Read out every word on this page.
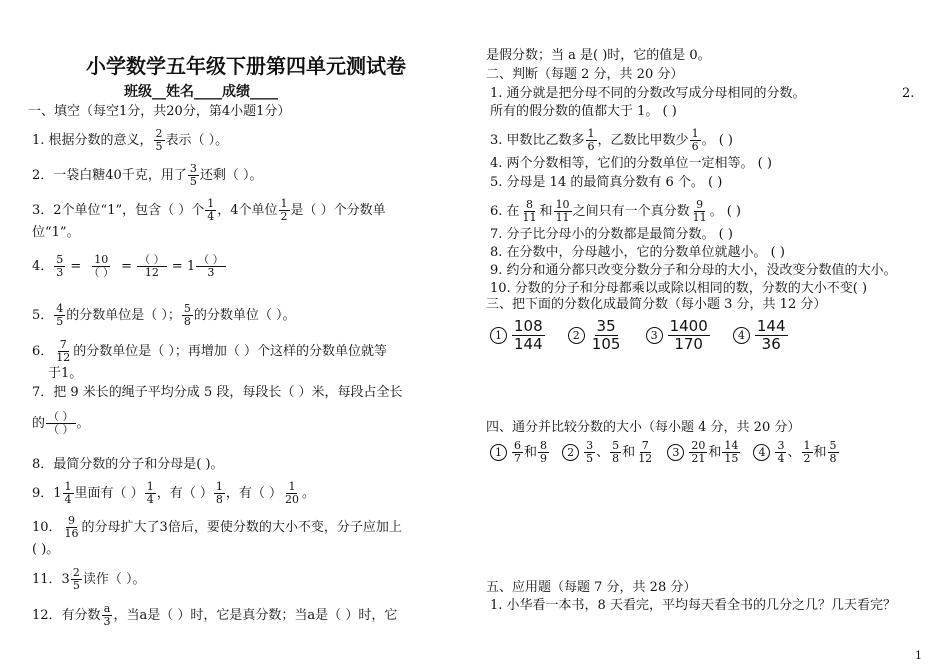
小学数学五年级下册第四单元测试卷
班级__姓名____成绩____
一、填空（每空1分，共20分，第4小题1分）
1. 根据分数的意义， $\frac{2}{5}$ 表示（ ）。
2．一袋白糖40千克，用了 $\frac{3}{5}$ 还剩（ ）。
3．2个单位“1”，包含（ ）个 $\frac{1}{4}$ ，4个单位 $\frac{1}{2}$ 是（ ）个分数单
位“1”。
4． $\frac{5}{3} = 10$
（ ） = （ ）
12 = 1 （ ）
3
5． $\frac{4}{5}$ 的分数单位是（ ）； $\frac{5}{8}$ 的分数单位（ ）。
6． $\frac{7}{12}$ 的分数单位是（ ）；再增加（ ）个这样的分数单位就等
于1。
7．把 9 米长的绳子平均分成 5 段，每段长（ ）米，每段占全长
的 （ ）
（ ） 。
8．最简分数的分子和分母是( )。
9．$1 \frac{1}{4}$ 里面有（ ） $\frac{1}{4}$ ，有（ ） $\frac{1}{8}$ ，有（ ） $\frac{1}{20}$ 。
10． $\frac{9}{16}$ 的分母扩大了3倍后，要使分数的大小不变，分子应加上
( )。
11．$3 \frac{2}{5}$ 读作（ ）。
12．有分数 $\frac{a}{3}$ ，当a是（ ）时，它是真分数；当a是（ ）时，它
是假分数；当 a 是( )时，它的值是 0。
二、判断（每题 2 分，共 20 分）
1. 通分就是把分母不同的分数改写成分母相同的分数。	2.
所有的假分数的值都大于 1。 ( )
3. 甲数比乙数多 $\frac{1}{6}$ ，乙数比甲数少 $\frac{1}{6}$ 。 ( )
4. 两个分数相等，它们的分数单位一定相等。 ( )
5. 分母是 14 的最简真分数有 6 个。 ( )
6. 在 $\frac{8}{11}$ 和 $\frac{10}{11}$ 之间只有一个真分数 $\frac{9}{11}$ 。 ( )
7. 分子比分母小的分数都是最简分数。 ( )
8. 在分数中，分母越小，它的分数单位就越小。 ( )
9. 约分和通分都只改变分数分子和分母的大小，没改变分数值的大小。
10. 分数的分子和分母都乘以或除以相同的数，分数的大小不变( )
三、把下面的分数化成最简分数（每小题 3 分，共 12 分）
$1 \frac{108}{144}$	$2 \frac{35}{105}$	$3 \frac{1400}{170}$	$4 \frac{144}{36}$
四、通分并比较分数的大小（每小题 4 分，共 20 分）
$1 \frac{6}{7}$ 和 $\frac{8}{9} 2 \frac{3}{5}$ 、 $\frac{5}{8}$ 和 $\frac{7}{12} 3 \frac{20}{21}$ 和 $\frac{14}{15} 4 \frac{3}{4}$ 、 $\frac{1}{2}$ 和 $\frac{5}{8}$
五、应用题（每题 7 分，共 28 分）
1. 小华看一本书，8 天看完，平均每天看全书的几分之几？几天看完？
1
